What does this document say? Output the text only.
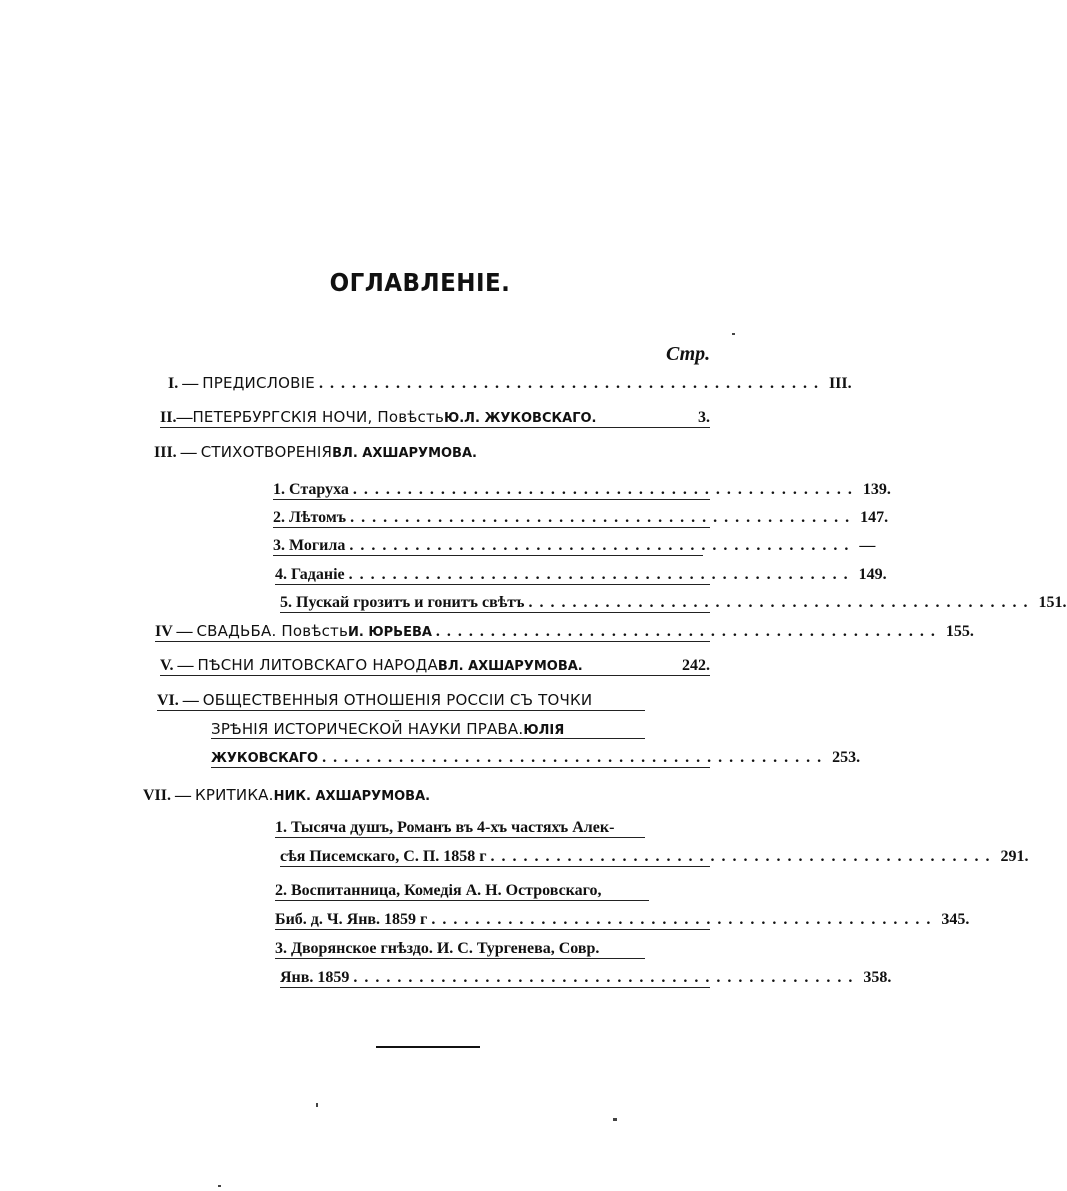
ОГЛАВЛЕНІЕ.
Стр.
I. —
ПРЕДИСЛОВІЕ .............................................. III.
II.— ПЕТЕРБУРГСКІЯ НОЧИ, Повѣсть Ю.Л. ЖУКОВСКАГО.	3.
III. —
СТИХОТВОРЕНІЯ ВЛ. АХШАРУМОВА.
1.
Старуха .............................................. 139.
2.
Лѣтомъ .............................................. 147.
3.
Могила .............................................. —
4.
Гаданіе .............................................. 149.
5.
Пускай грозитъ и гонитъ свѣтъ .............................................. 151.
IV —
СВАДЬБА. Повѣсть И. ЮРЬЕВА .............................................. 155.
V. —
ПѢСНИ ЛИТОВСКАГО НАРОДА ВЛ. АХШАРУМОВА.	242.
VI. —
ОБЩЕСТВЕННЫЯ ОТНОШЕНІЯ РОССІИ СЪ ТОЧКИ
ЗРѢНІЯ ИСТОРИЧЕСКОЙ НАУКИ ПРАВА. ЮЛІЯ
ЖУКОВСКАГО .............................................. 253.
VII. —
КРИТИКА. НИК. АХШАРУМОВА.
1.
Тысяча душъ, Романъ въ 4-хъ частяхъ Алек-
сѣя Писемскаго, С. П. 1858 г .............................................. 291.
2.
Воспитанница, Комедія А. Н. Островскаго,
Биб. д. Ч. Янв. 1859 г .............................................. 345.
3.
Дворянское гнѣздо. И. С. Тургенева, Совр.
Янв. 1859 .............................................. 358.
